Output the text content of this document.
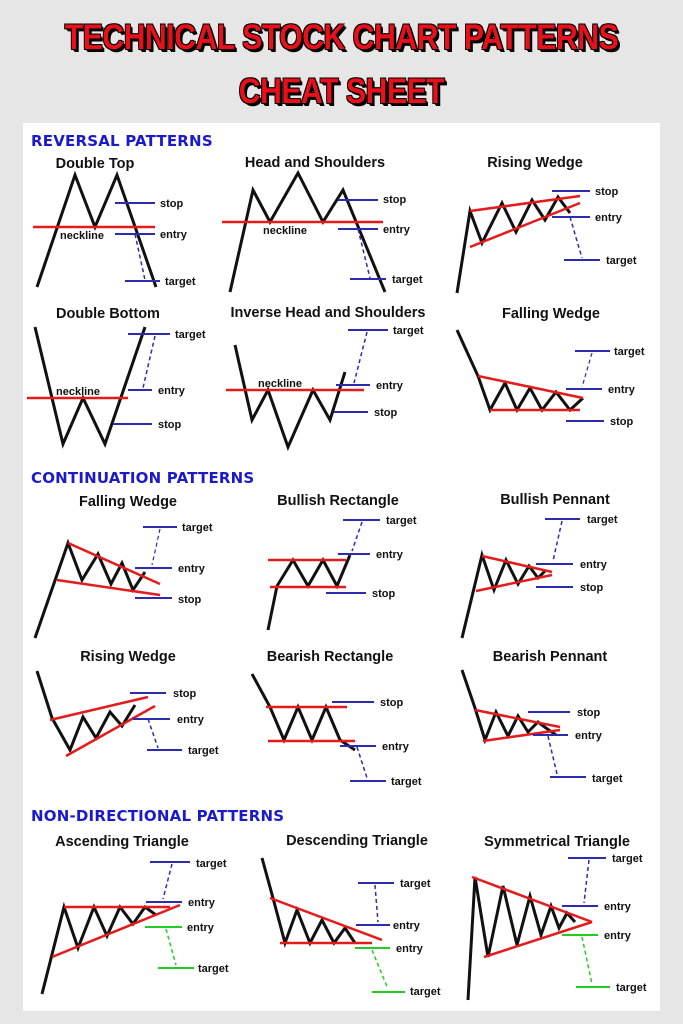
TECHNICAL STOCK CHART PATTERNS
CHEAT SHEET
REVERSAL PATTERNS
CONTINUATION PATTERNS
NON-DIRECTIONAL PATTERNS
Double Top
neckline
stop
entry
target
Head and Shoulders
neckline
stop
entry
target
Rising Wedge
stop
entry
target
Double Bottom
neckline
target
entry
stop
Inverse Head and Shoulders
neckline
target
entry
stop
Falling Wedge
target
entry
stop
Falling Wedge
target
entry
stop
Bullish Rectangle
target
entry
stop
Bullish Pennant
target
entry
stop
Rising Wedge
stop
entry
target
Bearish Rectangle
stop
entry
target
Bearish Pennant
stop
entry
target
Ascending Triangle
target
entry
entry
target
Descending Triangle
target
entry
entry
target
Symmetrical Triangle
target
entry
entry
target
